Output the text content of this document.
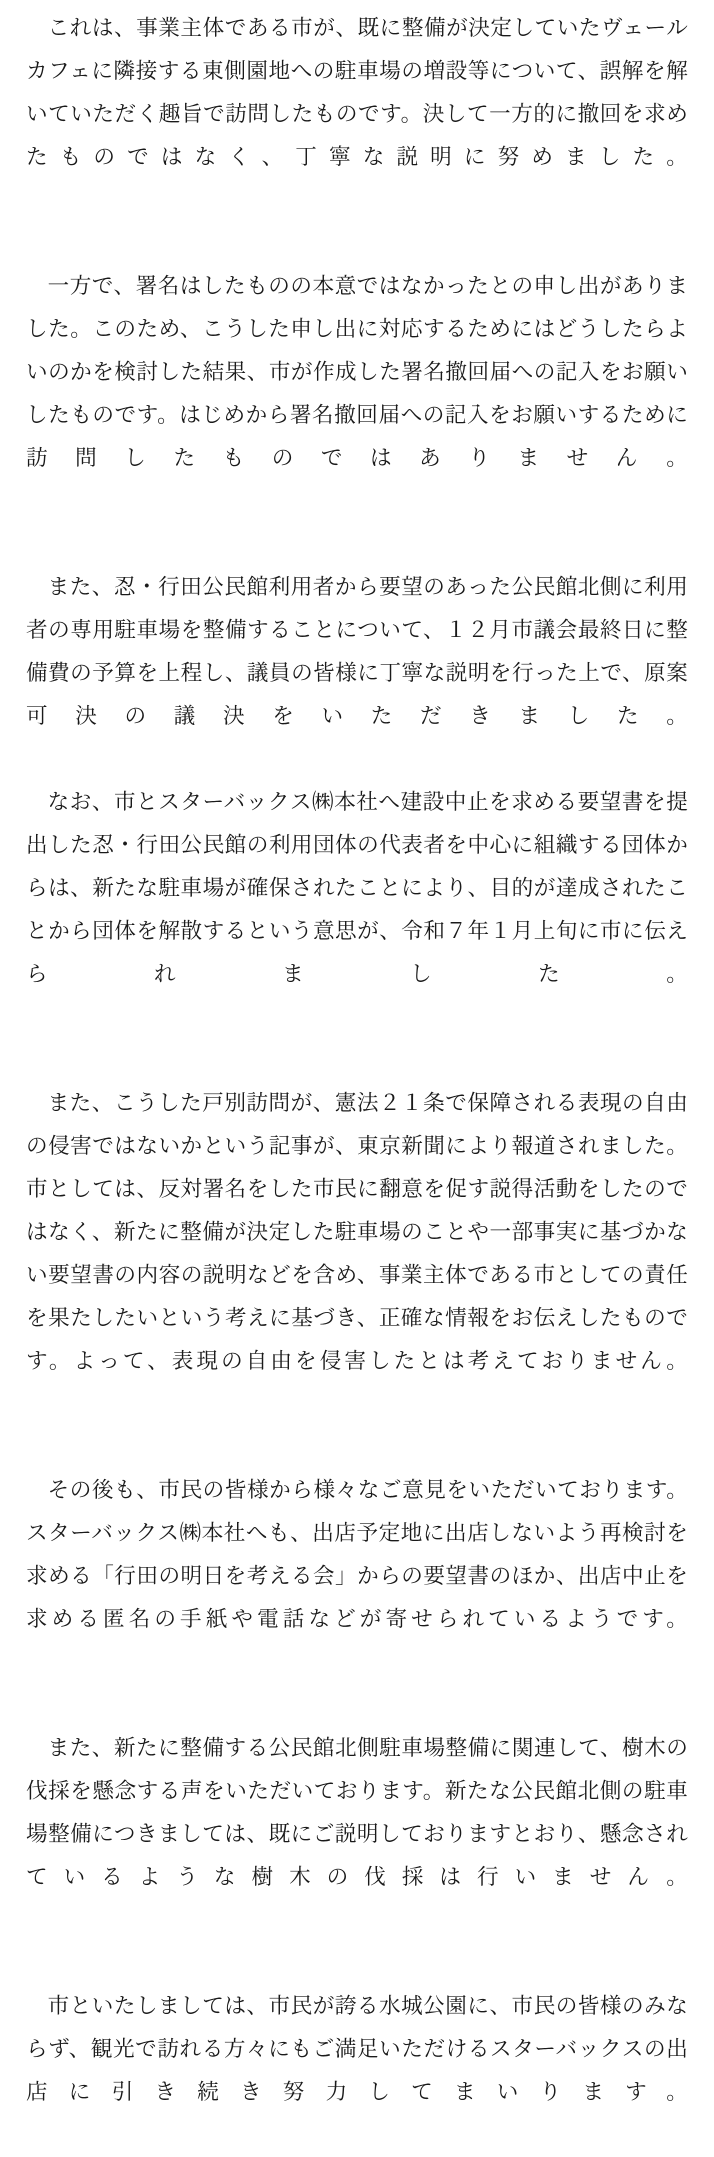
これは、事業主体である市が、既に整備が決定していたヴェールカフェに隣接する東側園地への駐車場の増設等について、誤解を解いていただく趣旨で訪問したものです。決して一方的に撤回を求めたものではなく、丁寧な説明に努めました。

一方で、署名はしたものの本意ではなかったとの申し出がありました。このため、こうした申し出に対応するためにはどうしたらよいのかを検討した結果、市が作成した署名撤回届への記入をお願いしたものです。はじめから署名撤回届への記入をお願いするために訪問したものではありません。

また、忍・行田公民館利用者から要望のあった公民館北側に利用者の専用駐車場を整備することについて、１２月市議会最終日に整備費の予算を上程し、議員の皆様に丁寧な説明を行った上で、原案可決の議決をいただきました。

なお、市とスターバックス㈱本社へ建設中止を求める要望書を提出した忍・行田公民館の利用団体の代表者を中心に組織する団体からは、新たな駐車場が確保されたことにより、目的が達成されたことから団体を解散するという意思が、令和７年１月上旬に市に伝えられました。

また、こうした戸別訪問が、憲法２１条で保障される表現の自由の侵害ではないかという記事が、東京新聞により報道されました。市としては、反対署名をした市民に翻意を促す説得活動をしたのではなく、新たに整備が決定した駐車場のことや一部事実に基づかない要望書の内容の説明などを含め、事業主体である市としての責任を果たしたいという考えに基づき、正確な情報をお伝えしたものです。よって、表現の自由を侵害したとは考えておりません。

その後も、市民の皆様から様々なご意見をいただいております。スターバックス㈱本社へも、出店予定地に出店しないよう再検討を求める「行田の明日を考える会」からの要望書のほか、出店中止を求める匿名の手紙や電話などが寄せられているようです。

また、新たに整備する公民館北側駐車場整備に関連して、樹木の伐採を懸念する声をいただいております。新たな公民館北側の駐車場整備につきましては、既にご説明しておりますとおり、懸念されているような樹木の伐採は行いません。

市といたしましては、市民が誇る水城公園に、市民の皆様のみならず、観光で訪れる方々にもご満足いただけるスターバックスの出店に引き続き努力してまいります。
